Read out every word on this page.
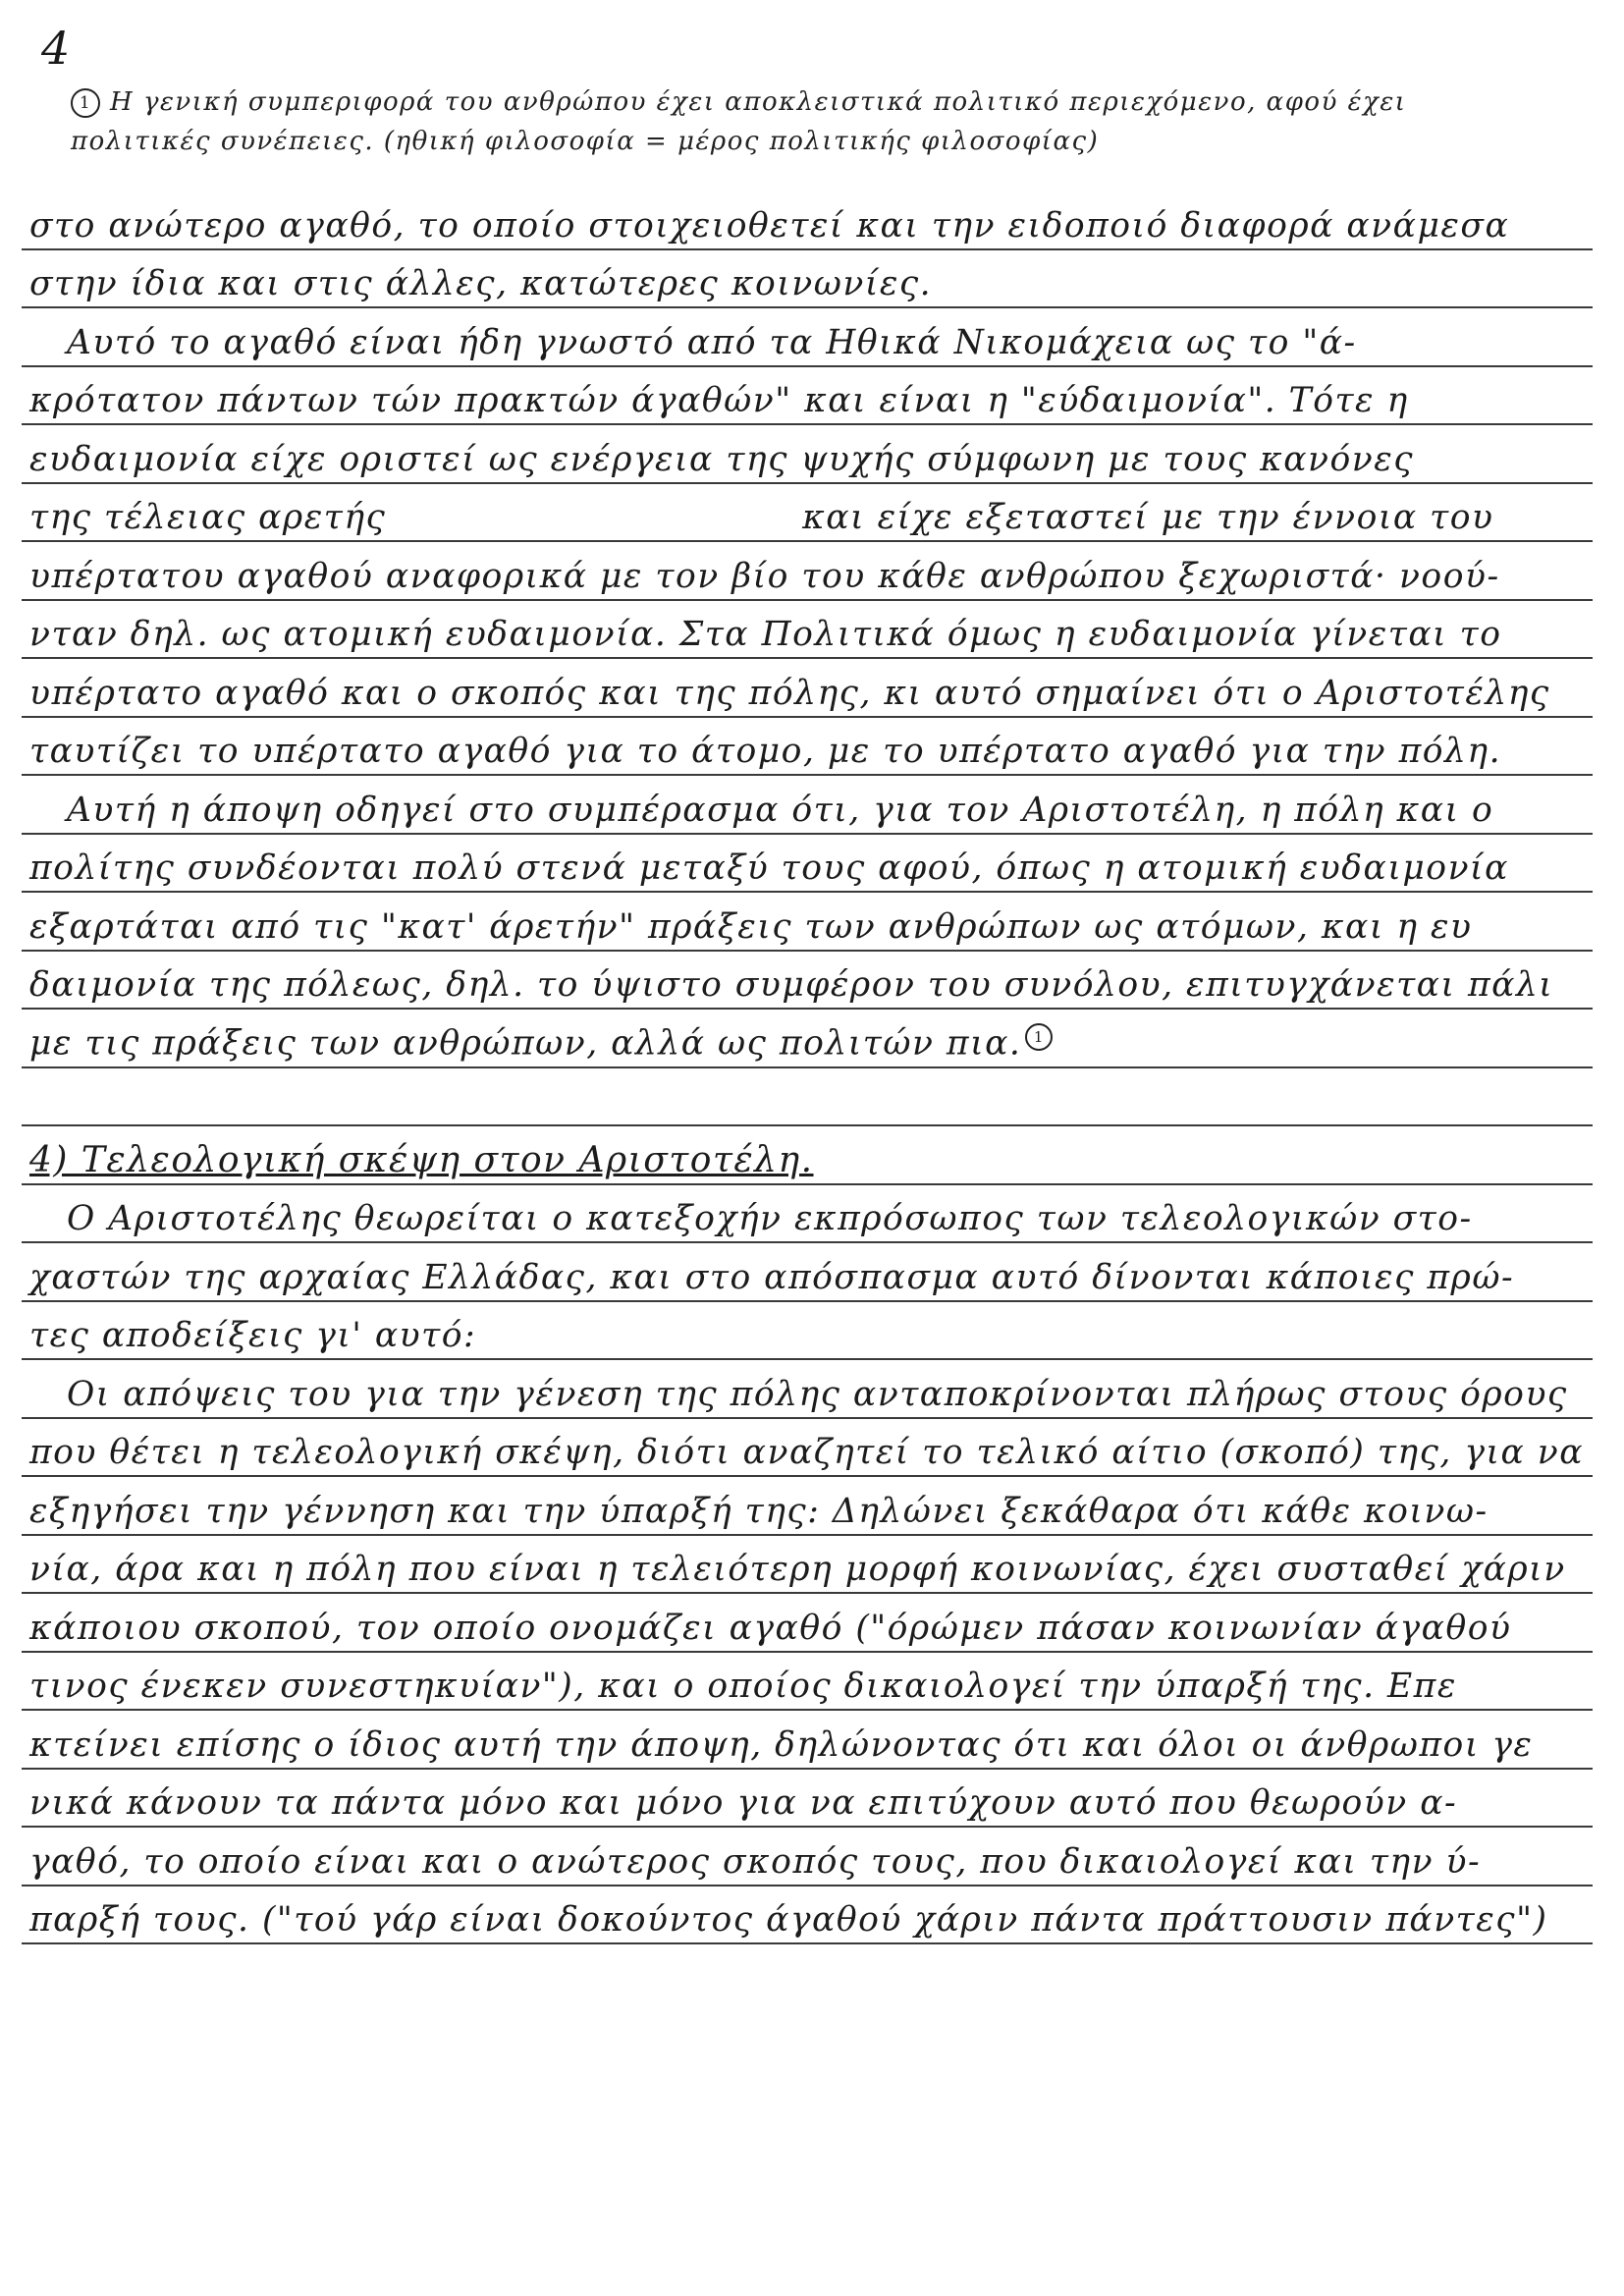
4
1 Η γενική συμπεριφορά του ανθρώπου έχει αποκλειστικά πολιτικό περιεχόμενο, αφού έχει
πολιτικές συνέπειες. (ηθική φιλοσοφία = μέρος πολιτικής φιλοσοφίας)
στο ανώτερο αγαθό, το οποίο στοιχειοθετεί και την ειδοποιό διαφορά ανάμεσα
στην ίδια και στις άλλες, κατώτερες κοινωνίες.
Αυτό το αγαθό είναι ήδη γνωστό από τα Ηθικά Νικομάχεια ως το "ά-
κρότατον πάντων τών πρακτών άγαθών" και είναι η "εύδαιμονία". Τότε η
ευδαιμονία είχε οριστεί ως ενέργεια της ψυχής σύμφωνη με τους κανόνες
της τέλειας αρετής                                  και είχε εξεταστεί με την έννοια του
υπέρτατου αγαθού αναφορικά με τον βίο του κάθε ανθρώπου ξεχωριστά· νοού-
νταν δηλ. ως ατομική ευδαιμονία. Στα Πολιτικά όμως η ευδαιμονία γίνεται το
υπέρτατο αγαθό και ο σκοπός και της πόλης, κι αυτό σημαίνει ότι ο Αριστοτέλης
ταυτίζει το υπέρτατο αγαθό για το άτομο, με το υπέρτατο αγαθό για την πόλη.
Αυτή η άποψη οδηγεί στο συμπέρασμα ότι, για τον Αριστοτέλη, η πόλη και ο
πολίτης συνδέονται πολύ στενά μεταξύ τους αφού, όπως η ατομική ευδαιμονία
εξαρτάται από τις "κατ' άρετήν" πράξεις των ανθρώπων ως ατόμων, και η ευ
δαιμονία της πόλεως, δηλ. το ύψιστο συμφέρον του συνόλου, επιτυγχάνεται πάλι
με τις πράξεις των ανθρώπων, αλλά ως πολιτών πια. 1
4) Τελεολογική σκέψη στον Αριστοτέλη.
Ο Αριστοτέλης θεωρείται ο κατεξοχήν εκπρόσωπος των τελεολογικών στο-
χαστών της αρχαίας Ελλάδας, και στο απόσπασμα αυτό δίνονται κάποιες πρώ-
τες αποδείξεις γι' αυτό:
Οι απόψεις του για την γένεση της πόλης ανταποκρίνονται πλήρως στους όρους
που θέτει η τελεολογική σκέψη, διότι αναζητεί το τελικό αίτιο (σκοπό) της, για να
εξηγήσει την γέννηση και την ύπαρξή της: Δηλώνει ξεκάθαρα ότι κάθε κοινω-
νία, άρα και η πόλη που είναι η τελειότερη μορφή κοινωνίας, έχει συσταθεί χάριν
κάποιου σκοπού, τον οποίο ονομάζει αγαθό ("όρώμεν πάσαν κοινωνίαν άγαθού
τινος ένεκεν συνεστηκυίαν"), και ο οποίος δικαιολογεί την ύπαρξή της. Επε
κτείνει επίσης ο ίδιος αυτή την άποψη, δηλώνοντας ότι και όλοι οι άνθρωποι γε
νικά κάνουν τα πάντα μόνο και μόνο για να επιτύχουν αυτό που θεωρούν α-
γαθό, το οποίο είναι και ο ανώτερος σκοπός τους, που δικαιολογεί και την ύ-
παρξή τους. ("τού γάρ είναι δοκούντος άγαθού χάριν πάντα πράττουσιν πάντες")
